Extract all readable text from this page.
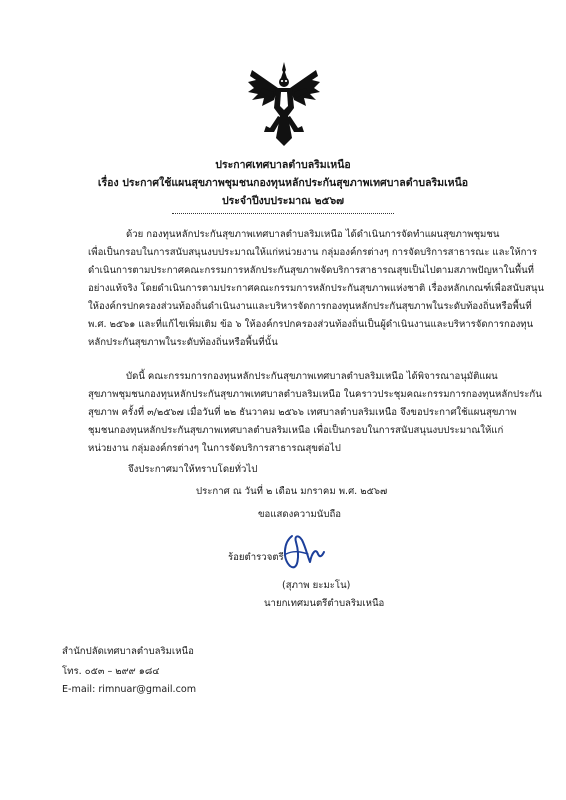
ประกาศเทศบาลตำบลริมเหนือ
เรื่อง ประกาศใช้แผนสุขภาพชุมชนกองทุนหลักประกันสุขภาพเทศบาลตำบลริมเหนือ
ประจำปีงบประมาณ ๒๕๖๗
ด้วย กองทุนหลักประกันสุขภาพเทศบาลตำบลริมเหนือ ได้ดำเนินการจัดทำแผนสุขภาพชุมชน
เพื่อเป็นกรอบในการสนับสนุนงบประมาณให้แก่หน่วยงาน กลุ่มองค์กรต่างๆ การจัดบริการสาธารณะ และให้การ
ดำเนินการตามประกาศคณะกรรมการหลักประกันสุขภาพจัดบริการสาธารณสุขเป็นไปตามสภาพปัญหาในพื้นที่
อย่างแท้จริง โดยดำเนินการตามประกาศคณะกรรมการหลักประกันสุขภาพแห่งชาติ เรื่องหลักเกณฑ์เพื่อสนับสนุน
ให้องค์กรปกครองส่วนท้องถิ่นดำเนินงานและบริหารจัดการกองทุนหลักประกันสุขภาพในระดับท้องถิ่นหรือพื้นที่
พ.ศ. ๒๕๖๑ และที่แก้ไขเพิ่มเติม ข้อ ๖ ให้องค์กรปกครองส่วนท้องถิ่นเป็นผู้ดำเนินงานและบริหารจัดการกองทุน
หลักประกันสุขภาพในระดับท้องถิ่นหรือพื้นที่นั้น
บัดนี้ คณะกรรมการกองทุนหลักประกันสุขภาพเทศบาลตำบลริมเหนือ ได้พิจารณาอนุมัติแผน
สุขภาพชุมชนกองทุนหลักประกันสุขภาพเทศบาลตำบลริมเหนือ ในคราวประชุมคณะกรรมการกองทุนหลักประกัน
สุขภาพ ครั้งที่ ๓/๒๕๖๗ เมื่อวันที่ ๒๒ ธันวาคม ๒๕๖๖ เทศบาลตำบลริมเหนือ จึงขอประกาศใช้แผนสุขภาพ
ชุมชนกองทุนหลักประกันสุขภาพเทศบาลตำบลริมเหนือ เพื่อเป็นกรอบในการสนับสนุนงบประมาณให้แก่
หน่วยงาน กลุ่มองค์กรต่างๆ ในการจัดบริการสาธารณสุขต่อไป
จึงประกาศมาให้ทราบโดยทั่วไป
ประกาศ ณ วันที่ ๒ เดือน มกราคม พ.ศ. ๒๕๖๗
ขอแสดงความนับถือ
ร้อยตำรวจตรี
(สุภาพ ยะมะโน)
นายกเทศมนตรีตำบลริมเหนือ
สำนักปลัดเทศบาลตำบลริมเหนือ
โทร. ๐๕๓ – ๒๙๙ ๑๘๔
E-mail: rimnuar@gmail.com
